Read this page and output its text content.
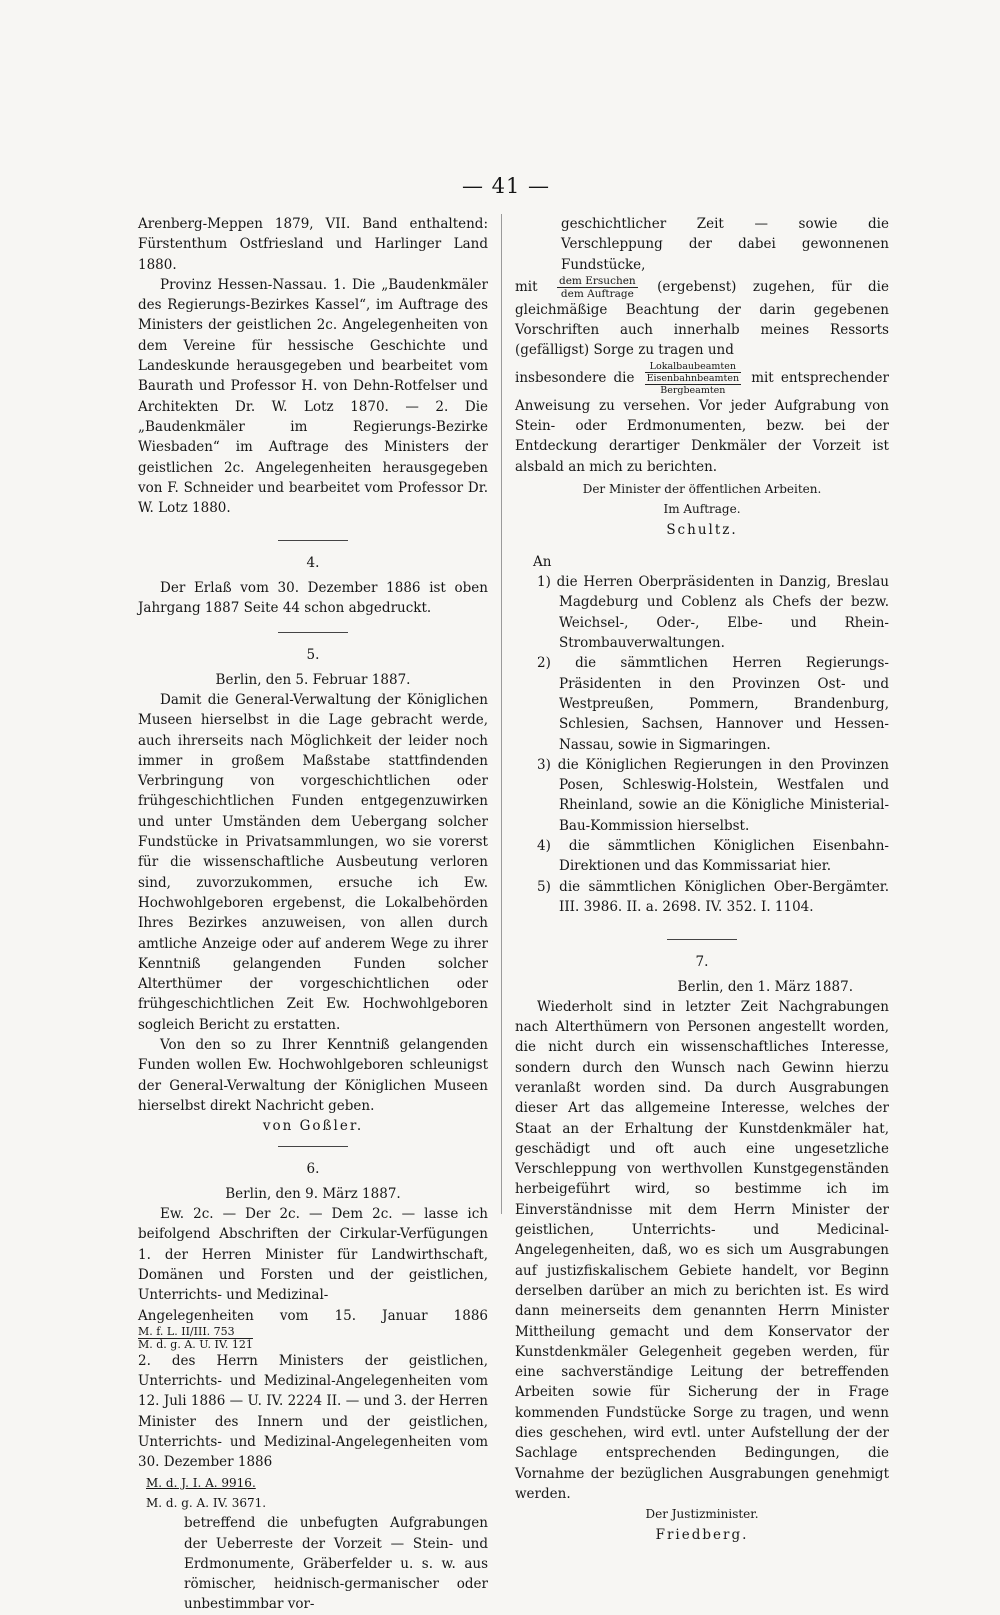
— 41 —

Arenberg-Meppen 1879, VII. Band enthaltend: Fürstenthum Ostfriesland und Harlinger Land 1880.

Provinz Hessen-Nassau. 1. Die „Baudenkmäler des Regierungs-Bezirkes Kassel“, im Auftrage des Ministers der geistlichen 2c. Angelegenheiten von dem Vereine für hessische Geschichte und Landeskunde herausgegeben und bearbeitet vom Baurath und Professor H. von Dehn-Rotfelser und Architekten Dr. W. Lotz 1870. — 2. Die „Baudenkmäler im Regierungs-Bezirke Wiesbaden“ im Auftrage des Ministers der geistlichen 2c. Angelegenheiten herausgegeben von F. Schneider und bearbeitet vom Professor Dr. W. Lotz 1880.

4.

Der Erlaß vom 30. Dezember 1886 ist oben Jahrgang 1887 Seite 44 schon abgedruckt.

5.

Berlin, den 5. Februar 1887.

Damit die General-Verwaltung der Königlichen Museen hierselbst in die Lage gebracht werde, auch ihrerseits nach Möglichkeit der leider noch immer in großem Maßstabe stattfindenden Verbringung von vorgeschichtlichen oder frühgeschichtlichen Funden entgegenzuwirken und unter Umständen dem Uebergang solcher Fundstücke in Privatsammlungen, wo sie vorerst für die wissenschaftliche Ausbeutung verloren sind, zuvorzukommen, ersuche ich Ew. Hochwohlgeboren ergebenst, die Lokalbehörden Ihres Bezirkes anzuweisen, von allen durch amtliche Anzeige oder auf anderem Wege zu ihrer Kenntniß gelangenden Funden solcher Alterthümer der vorgeschichtlichen oder frühgeschichtlichen Zeit Ew. Hochwohlgeboren sogleich Bericht zu erstatten.

Von den so zu Ihrer Kenntniß gelangenden Funden wollen Ew. Hochwohlgeboren schleunigst der General-Verwaltung der Königlichen Museen hierselbst direkt Nachricht geben.

von Goßler.

6.

Berlin, den 9. März 1887.

Ew. 2c. — Der 2c. — Dem 2c. — lasse ich beifolgend Abschriften der Cirkular-Verfügungen 1. der Herren Minister für Landwirthschaft, Domänen und Forsten und der geistlichen, Unterrichts- und Medizinal-

Angelegenheiten vom 15. Januar 1886
M. f. L. II/III. 753
M. d. g. A. U. IV. 121

2. des Herrn Ministers der geistlichen, Unterrichts- und Medizinal-Angelegenheiten vom 12. Juli 1886 — U. IV. 2224 II. — und 3. der Herren Minister des Innern und der geistlichen, Unterrichts- und Medizinal-Angelegenheiten vom 30. Dezember 1886

M. d. J. I. A. 9916.
M. d. g. A. IV. 3671.

betreffend die unbefugten Aufgrabungen der Ueberreste der Vorzeit — Stein- und Erdmonumente, Gräberfelder u. s. w. aus römischer, heidnisch-germanischer oder unbestimmbar vor-

geschichtlicher Zeit — sowie die Verschleppung der dabei gewonnenen Fundstücke,

mit $\frac{\text{dem Ersuchen}}{\text{dem Auftrage}}$ (ergebenst) zugehen, für die gleichmäßige Beachtung der darin gegebenen Vorschriften auch innerhalb meines Ressorts (gefälligst) Sorge zu tragen und

insbesondere die
Lokalbaubeamten
Eisenbahnbeamten
Bergbeamten
mit entsprechender Anweisung zu versehen. Vor jeder Aufgrabung von Stein- oder Erdmonumenten, bezw. bei der Entdeckung derartiger Denkmäler der Vorzeit ist alsbald an mich zu berichten.

Der Minister der öffentlichen Arbeiten.

Im Auftrage.

Schultz.

An

1) die Herren Oberpräsidenten in Danzig, Breslau Magdeburg und Coblenz als Chefs der bezw. Weichsel-, Oder-, Elbe- und Rhein-Strombauverwaltungen.
2) die sämmtlichen Herren Regierungs-Präsidenten in den Provinzen Ost- und Westpreußen, Pommern, Brandenburg, Schlesien, Sachsen, Hannover und Hessen-Nassau, sowie in Sigmaringen.
3) die Königlichen Regierungen in den Provinzen Posen, Schleswig-Holstein, Westfalen und Rheinland, sowie an die Königliche Ministerial-Bau-Kommission hierselbst.
4) die sämmtlichen Königlichen Eisenbahn-Direktionen und das Kommissariat hier.
5) die sämmtlichen Königlichen Ober-Bergämter. III. 3986. II. a. 2698. IV. 352. I. 1104.

7.

Berlin, den 1. März 1887.

Wiederholt sind in letzter Zeit Nachgrabungen nach Alterthümern von Personen angestellt worden, die nicht durch ein wissenschaftliches Interesse, sondern durch den Wunsch nach Gewinn hierzu veranlaßt worden sind. Da durch Ausgrabungen dieser Art das allgemeine Interesse, welches der Staat an der Erhaltung der Kunstdenkmäler hat, geschädigt und oft auch eine ungesetzliche Verschleppung von werthvollen Kunstgegenständen herbeigeführt wird, so bestimme ich im Einverständnisse mit dem Herrn Minister der geistlichen, Unterrichts- und Medicinal-Angelegenheiten, daß, wo es sich um Ausgrabungen auf justizfiskalischem Gebiete handelt, vor Beginn derselben darüber an mich zu berichten ist. Es wird dann meinerseits dem genannten Herrn Minister Mittheilung gemacht und dem Konservator der Kunstdenkmäler Gelegenheit gegeben werden, für eine sachverständige Leitung der betreffenden Arbeiten sowie für Sicherung der in Frage kommenden Fundstücke Sorge zu tragen, und wenn dies geschehen, wird evtl. unter Aufstellung der der Sachlage entsprechenden Bedingungen, die Vornahme der bezüglichen Ausgrabungen genehmigt werden.

Der Justizminister.

Friedberg.
